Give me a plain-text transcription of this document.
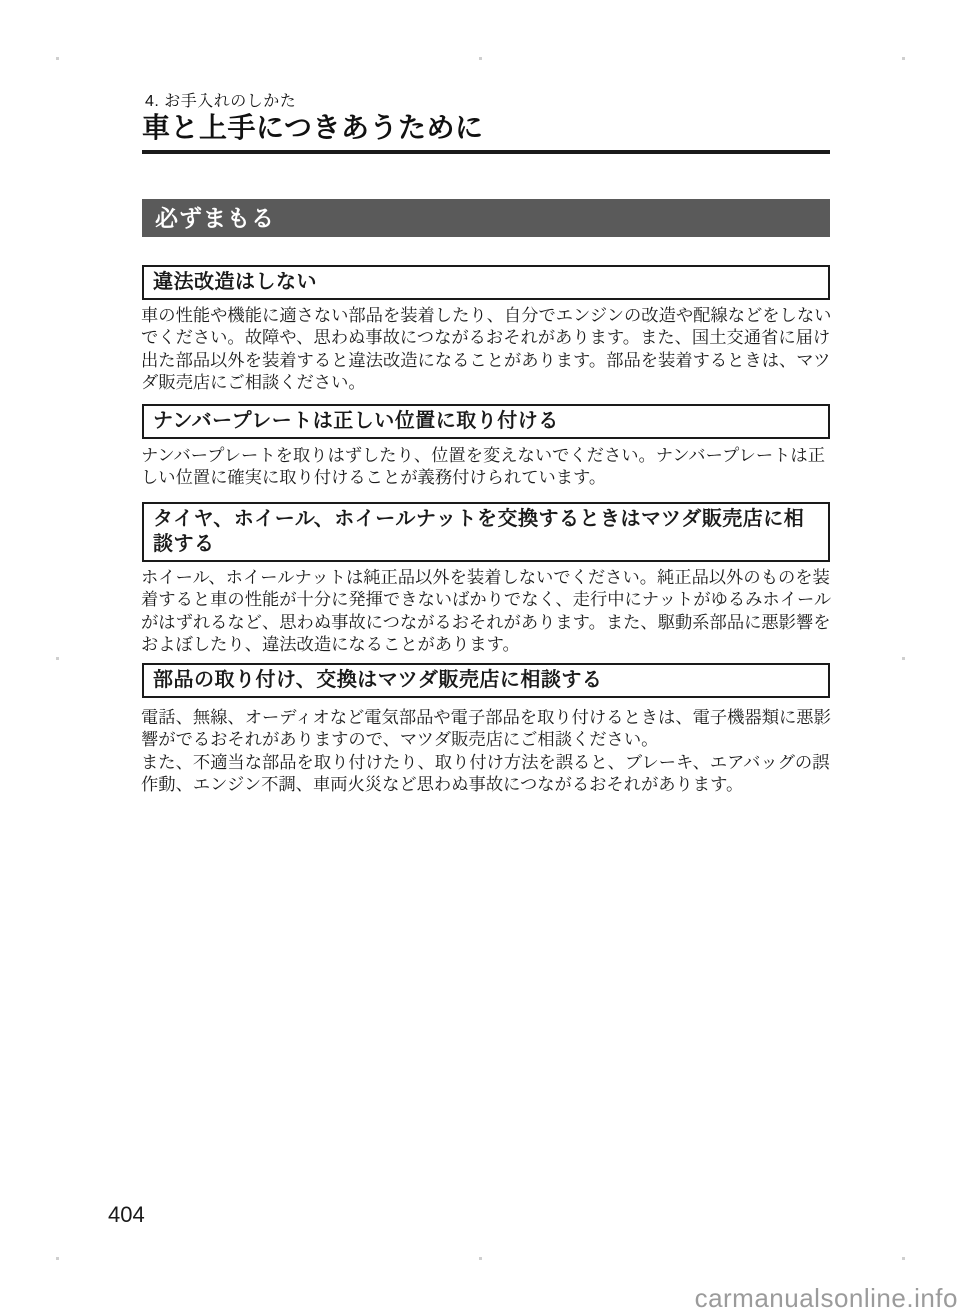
4. お手入れのしかた
車と上手につきあうために
必ずまもる
違法改造はしない
車の性能や機能に適さない部品を装着したり、自分でエンジンの改造や配線などをしない
でください。故障や、思わぬ事故につながるおそれがあります。また、国土交通省に届け
出た部品以外を装着すると違法改造になることがあります。部品を装着するときは、マツ
ダ販売店にご相談ください。
ナンバープレートは正しい位置に取り付ける
ナンバープレートを取りはずしたり、位置を変えないでください。ナンバープレートは正
しい位置に確実に取り付けることが義務付けられています。
タイヤ、ホイール、ホイールナットを交換するときはマツダ販売店に相
談する
ホイール、ホイールナットは純正品以外を装着しないでください。純正品以外のものを装
着すると車の性能が十分に発揮できないばかりでなく、走行中にナットがゆるみホイール
がはずれるなど、思わぬ事故につながるおそれがあります。また、駆動系部品に悪影響を
およぼしたり、違法改造になることがあります。
部品の取り付け、交換はマツダ販売店に相談する
電話、無線、オーディオなど電気部品や電子部品を取り付けるときは、電子機器類に悪影
響がでるおそれがありますので、マツダ販売店にご相談ください。
また、不適当な部品を取り付けたり、取り付け方法を誤ると、ブレーキ、エアバッグの誤
作動、エンジン不調、車両火災など思わぬ事故につながるおそれがあります。
404
carmanualsonline.info
